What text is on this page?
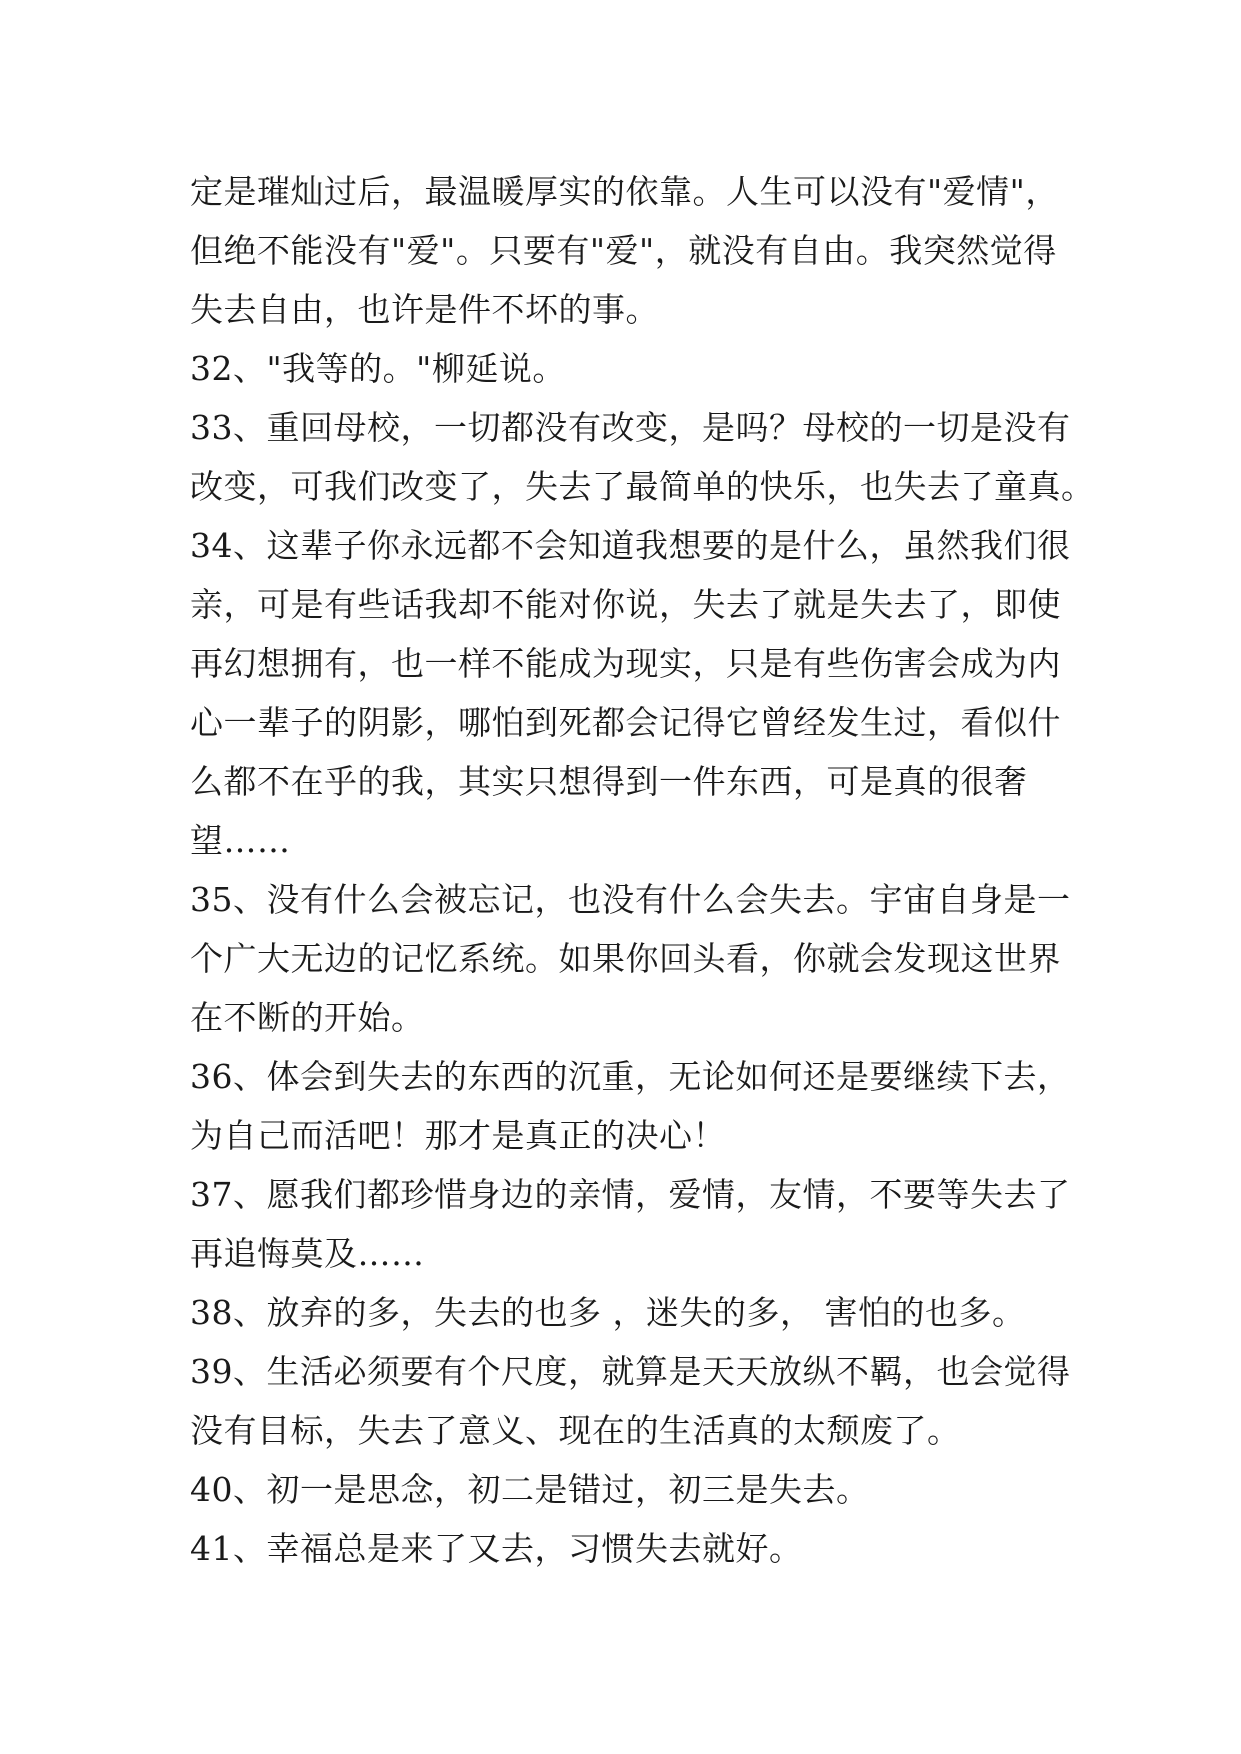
定是璀灿过后，最温暖厚实的依靠。人生可以没有"爱情"，
但绝不能没有"爱"。只要有"爱"，就没有自由。我突然觉得
失去自由，也许是件不坏的事。
32、"我等的。"柳延说。
33、重回母校，一切都没有改变，是吗？母校的一切是没有
改变，可我们改变了，失去了最简单的快乐，也失去了童真。
34、这辈子你永远都不会知道我想要的是什么，虽然我们很
亲，可是有些话我却不能对你说，失去了就是失去了，即使
再幻想拥有，也一样不能成为现实，只是有些伤害会成为内
心一辈子的阴影，哪怕到死都会记得它曾经发生过，看似什
么都不在乎的我，其实只想得到一件东西，可是真的很奢
望……
35、没有什么会被忘记，也没有什么会失去。宇宙自身是一
个广大无边的记忆系统。如果你回头看，你就会发现这世界
在不断的开始。
36、体会到失去的东西的沉重，无论如何还是要继续下去，
为自己而活吧！那才是真正的决心！
37、愿我们都珍惜身边的亲情，爱情，友情，不要等失去了
再追悔莫及……
38、放弃的多，失去的也多 ，迷失的多， 害怕的也多。
39、生活必须要有个尺度，就算是天天放纵不羁，也会觉得
没有目标，失去了意义、现在的生活真的太颓废了。
40、初一是思念，初二是错过，初三是失去。
41、幸福总是来了又去，习惯失去就好。
